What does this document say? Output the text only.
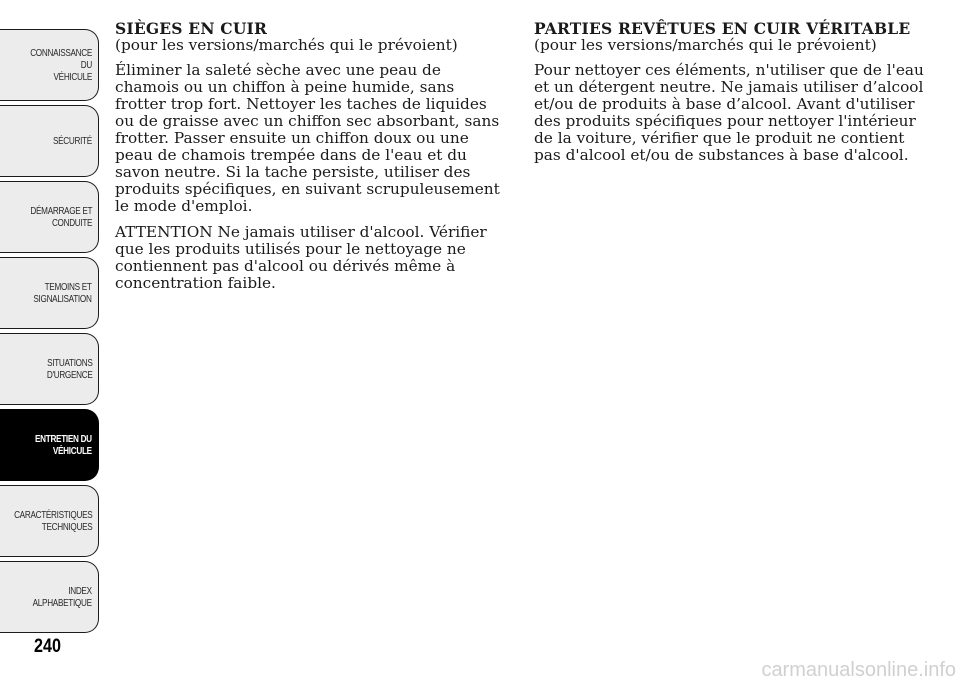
CONNAISSANCE DU
VÉHICULE
SÉCURITÉ
DÉMARRAGE ET
CONDUITE
TEMOINS ET
SIGNALISATION
SITUATIONS
D'URGENCE
ENTRETIEN DU
VÉHICULE
CARACTÉRISTIQUES
TECHNIQUES
INDEX
ALPHABETIQUE
240
SIÈGES EN CUIR
(pour les versions/marchés qui le prévoient)

Éliminer la saleté sèche avec une peau de chamois ou un chiffon à peine humide, sans frotter trop fort. Nettoyer les taches de liquides ou de graisse avec un chiffon sec absorbant, sans frotter. Passer ensuite un chiffon doux ou une peau de chamois trempée dans de l'eau et du savon neutre. Si la tache persiste, utiliser des produits spécifiques, en suivant scrupuleusement le mode d'emploi.

ATTENTION Ne jamais utiliser d'alcool. Vérifier que les produits utilisés pour le nettoyage ne contiennent pas d'alcool ou dérivés même à concentration faible.

PARTIES REVÊTUES EN CUIR VÉRITABLE
(pour les versions/marchés qui le prévoient)

Pour nettoyer ces éléments, n'utiliser que de l'eau et un détergent neutre. Ne jamais utiliser d’alcool et/ou de produits à base d’alcool. Avant d'utiliser des produits spécifiques pour nettoyer l'intérieur de la voiture, vérifier que le produit ne contient pas d'alcool et/ou de substances à base d'alcool.

carmanualsonline.info
